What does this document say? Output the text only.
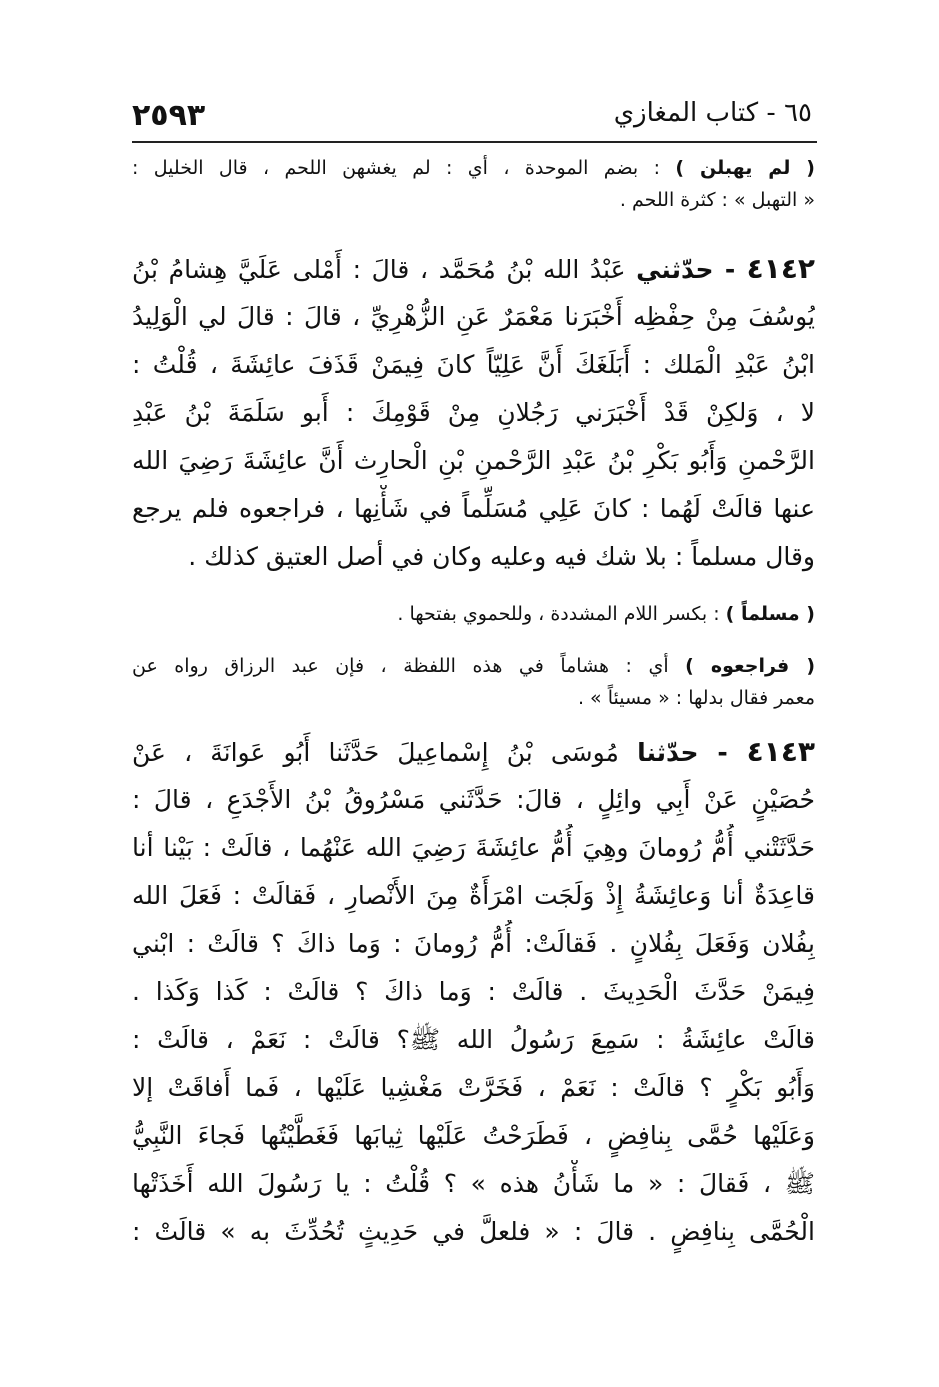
٢٥٩٣	٦٥ - كتاب المغازي
( لم يهبلن ) : بضم الموحدة ، أي : لم يغشهن اللحم ، قال الخليل :
« التهبل » : كثرة اللحم .
٤١٤٢ - حدّثني عَبْدُ الله بْنُ مُحَمَّد ، قالَ : أَمْلى عَلَيَّ هِشامُ بْنُ
يُوسُفَ مِنْ حِفْظِه أَخْبَرَنا مَعْمَرٌ عَنِ الزُّهْرِيِّ ، قالَ : قالَ لي الْوَلِيدُ
ابْنُ عَبْدِ الْمَلك : أَبَلَغَكَ أَنَّ عَلِيّاً كانَ فِيمَنْ قَذَفَ عائِشَةَ ، قُلْتُ :
لا ، وَلكِنْ قَدْ أَخْبَرَني رَجُلانِ مِنْ قَوْمِكَ : أَبو سَلَمَةَ بْنُ عَبْدِ
الرَّحْمنِ وَأَبُو بَكْرِ بْنُ عَبْدِ الرَّحْمنِ بْنِ الْحارِث أَنَّ عائِشَةَ رَضِيَ الله
عنها قالَتْ لَهُما : كانَ عَلِي مُسَلِّماً في شَأْنِها ، فراجعوه فلم يرجع
وقال مسلماً : بلا شك فيه وعليه وكان في أصل العتيق كذلك .
( مسلماً ) : بكسر اللام المشددة ، وللحموي بفتحها .
( فراجعوه ) أي : هشاماً في هذه اللفظة ، فإن عبد الرزاق رواه عن
معمر فقال بدلها : « مسيئاً » .
٤١٤٣ - حدّثنا مُوسَى بْنُ إِسْماعِيلَ حَدَّثَنا أَبُو عَوانَةَ ، عَنْ
حُصَيْنٍ عَنْ أَبِي وائِلٍ ، قالَ: حَدَّثَني مَسْرُوقُ بْنُ الأَجْدَعِ ، قالَ :
حَدَّثَتْني أُمُّ رُومانَ وهِيَ أُمُّ عائِشَةَ رَضِيَ الله عَنْهُما ، قالَتْ : بَيْنا أنا
قاعِدَةٌ أنا وَعائِشَةُ إِذْ وَلَجَت امْرَأَةٌ مِنَ الأَنْصارِ ، فَقالَتْ : فَعَلَ الله
بِفُلان وَفَعَلَ بِفُلانٍ . فَقالَتْ: أُمُّ رُومانَ : وَما ذاكَ ؟ قالَتْ : ابْني
فِيمَنْ حَدَّثَ الْحَدِيثَ . قالَتْ : وَما ذاكَ ؟ قالَتْ : كَذا وَكَذا .
قالَتْ عائِشَةُ : سَمِعَ رَسُولُ الله ﷺ؟ قالَتْ : نَعَمْ ، قالَتْ :
وَأَبُو بَكْرٍ ؟ قالَتْ : نَعَمْ ، فَخَرَّتْ مَغْشِيا عَلَيْها ، فَما أَفاقَتْ إلا
وَعَلَيْها حُمَّى بِنافِضٍ ، فَطَرَحْتُ عَلَيْها ثِيابَها فَغَطَّيْتُها فَجاءَ النَّبِيُّ
ﷺ ، فَقالَ : « ما شَأْنُ هذه » ؟ قُلْتُ : يا رَسُولَ الله أَخَذَتْها
الْحُمَّى بِنافِضٍ . قالَ : « فلعلَّ في حَدِيثٍ تُحُدِّثَ به » قالَتْ :
